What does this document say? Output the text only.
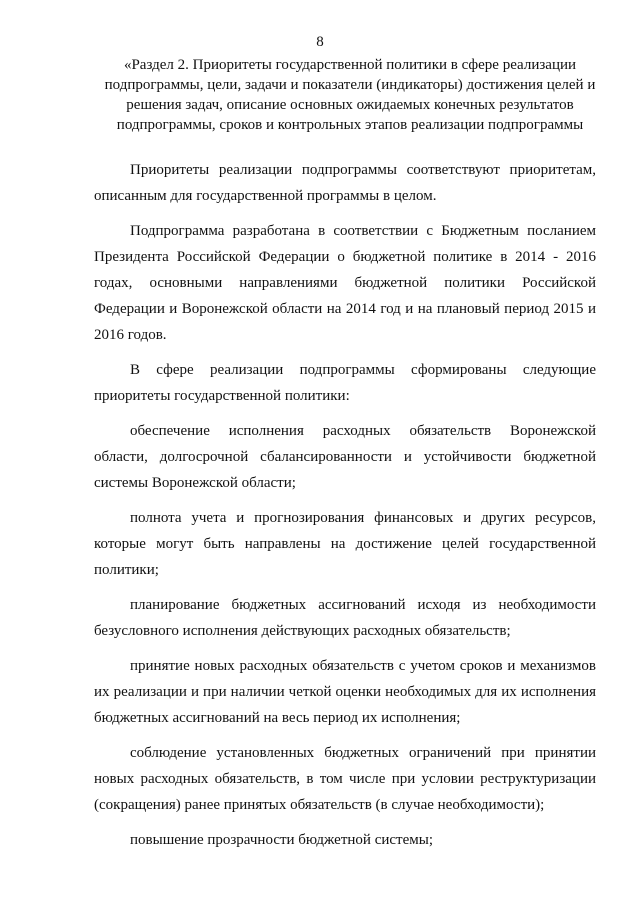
8
«Раздел 2. Приоритеты государственной политики в сфере реализации
подпрограммы, цели, задачи и показатели (индикаторы) достижения целей и
решения задач, описание основных ожидаемых конечных результатов
подпрограммы, сроков и контрольных этапов реализации подпрограммы
Приоритеты реализации подпрограммы соответствуют приоритетам,
описанным для государственной программы в целом.
Подпрограмма разработана в соответствии с Бюджетным посланием
Президента Российской Федерации о бюджетной политике в 2014 - 2016
годах, основными направлениями бюджетной политики Российской
Федерации и Воронежской области на 2014 год и на плановый период 2015 и
2016 годов.
В сфере реализации подпрограммы сформированы следующие
приоритеты государственной политики:
обеспечение исполнения расходных обязательств Воронежской
области, долгосрочной сбалансированности и устойчивости бюджетной
системы Воронежской области;
полнота учета и прогнозирования финансовых и других ресурсов,
которые могут быть направлены на достижение целей государственной
политики;
планирование бюджетных ассигнований исходя из необходимости
безусловного исполнения действующих расходных обязательств;
принятие новых расходных обязательств с учетом сроков и механизмов
их реализации и при наличии четкой оценки необходимых для их исполнения
бюджетных ассигнований на весь период их исполнения;
соблюдение установленных бюджетных ограничений при принятии
новых расходных обязательств, в том числе при условии реструктуризации
(сокращения) ранее принятых обязательств (в случае необходимости);
повышение прозрачности бюджетной системы;
